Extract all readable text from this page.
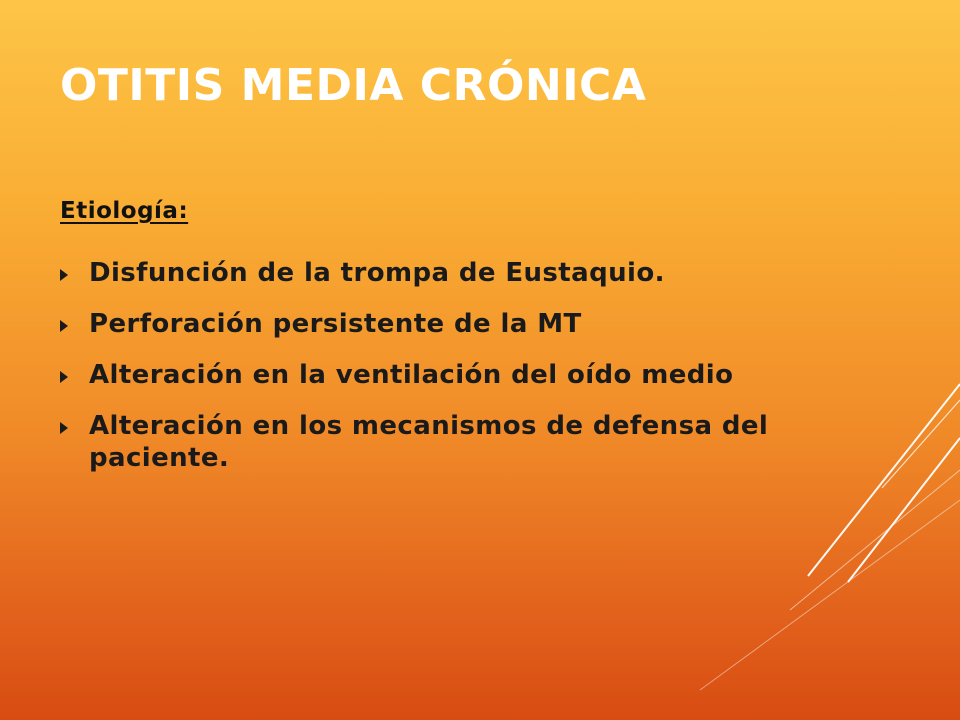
OTITIS MEDIA CRÓNICA
Etiología:
Disfunción de la trompa de Eustaquio.
Perforación persistente de la MT
Alteración en la ventilación del oído medio
Alteración en los mecanismos de defensa del paciente.
